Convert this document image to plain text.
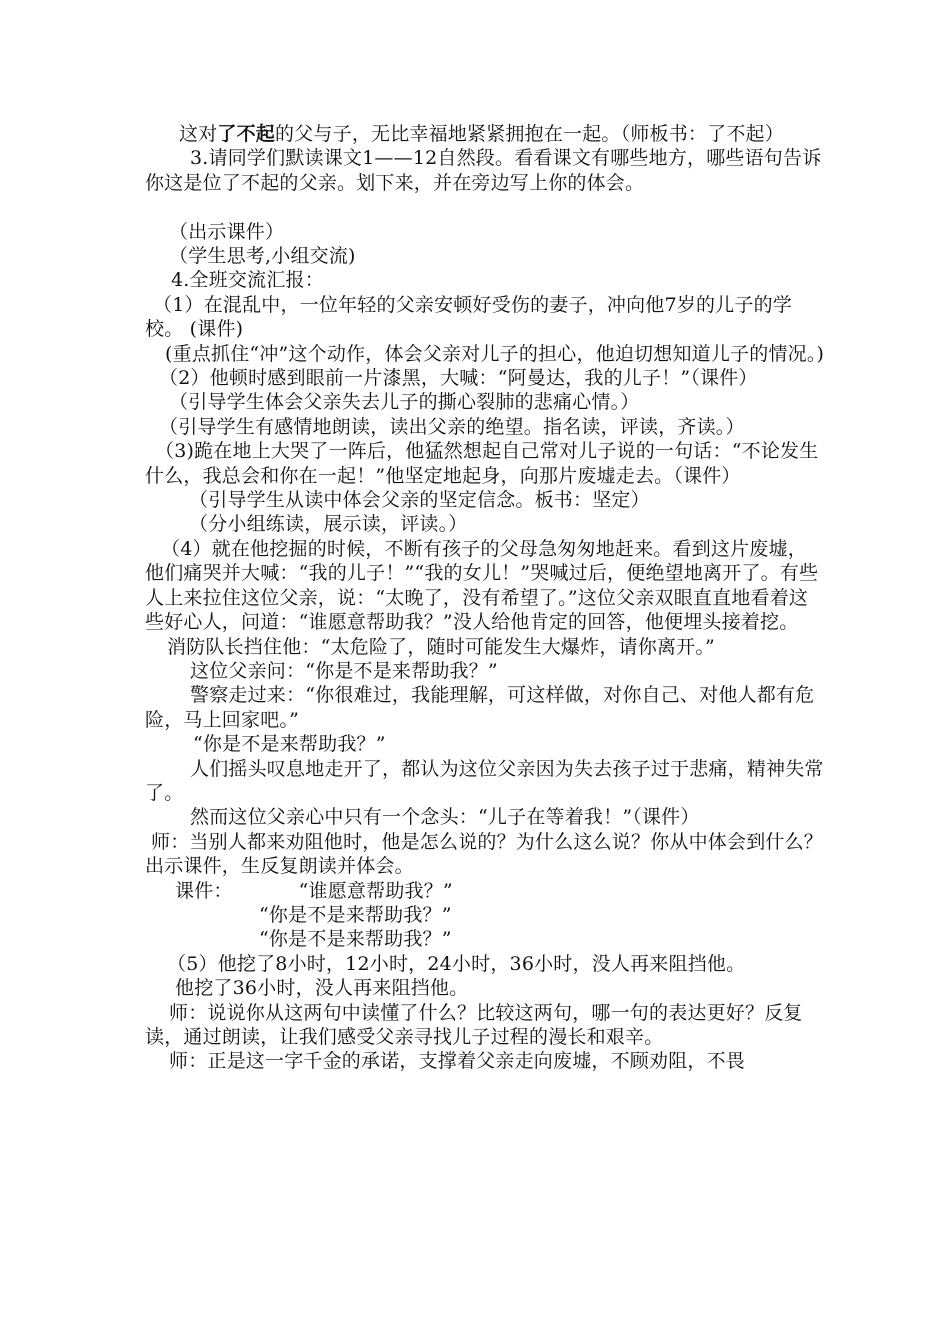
这对了不起的父与子，无比幸福地紧紧拥抱在一起。（师板书：了不起）

3.请同学们默读课文1——12自然段。看看课文有哪些地方，哪些语句告诉你这是位了不起的父亲。划下来，并在旁边写上你的体会。

（出示课件）

（学生思考,小组交流)

4.全班交流汇报：

（1）在混乱中，一位年轻的父亲安顿好受伤的妻子，冲向他7岁的儿子的学校。 (课件)

(重点抓住“冲”这个动作，体会父亲对儿子的担心，他迫切想知道儿子的情况。)

（2）他顿时感到眼前一片漆黑，大喊：“阿曼达，我的儿子！”（课件）

（引导学生体会父亲失去儿子的撕心裂肺的悲痛心情。）

（引导学生有感情地朗读，读出父亲的绝望。指名读，评读，齐读。）

（3)跪在地上大哭了一阵后，他猛然想起自己常对儿子说的一句话：“不论发生什么，我总会和你在一起！”他坚定地起身，向那片废墟走去。（课件）

（引导学生从读中体会父亲的坚定信念。板书：坚定）

（分小组练读，展示读，评读。）

（4）就在他挖掘的时候，不断有孩子的父母急匆匆地赶来。看到这片废墟，他们痛哭并大喊：“我的儿子！”“我的女儿！”哭喊过后，便绝望地离开了。有些人上来拉住这位父亲，说：“太晚了，没有希望了。”这位父亲双眼直直地看着这些好心人，问道：“谁愿意帮助我？”没人给他肯定的回答，他便埋头接着挖。

消防队长挡住他：“太危险了，随时可能发生大爆炸，请你离开。”

这位父亲问：“你是不是来帮助我？”

警察走过来：“你很难过，我能理解，可这样做，对你自己、对他人都有危险，马上回家吧。”

“你是不是来帮助我？”

人们摇头叹息地走开了，都认为这位父亲因为失去孩子过于悲痛，精神失常了。

然而这位父亲心中只有一个念头：“儿子在等着我！”（课件）

师：当别人都来劝阻他时，他是怎么说的？为什么这么说？你从中体会到什么？出示课件，生反复朗读并体会。

课件：	“谁愿意帮助我？”

“你是不是来帮助我？”

“你是不是来帮助我？”

（5）他挖了8小时，12小时，24小时，36小时，没人再来阻挡他。

他挖了36小时，没人再来阻挡他。

师：说说你从这两句中读懂了什么？比较这两句，哪一句的表达更好？反复读，通过朗读，让我们感受父亲寻找儿子过程的漫长和艰辛。

师：正是这一字千金的承诺，支撑着父亲走向废墟，不顾劝阻，不畏
